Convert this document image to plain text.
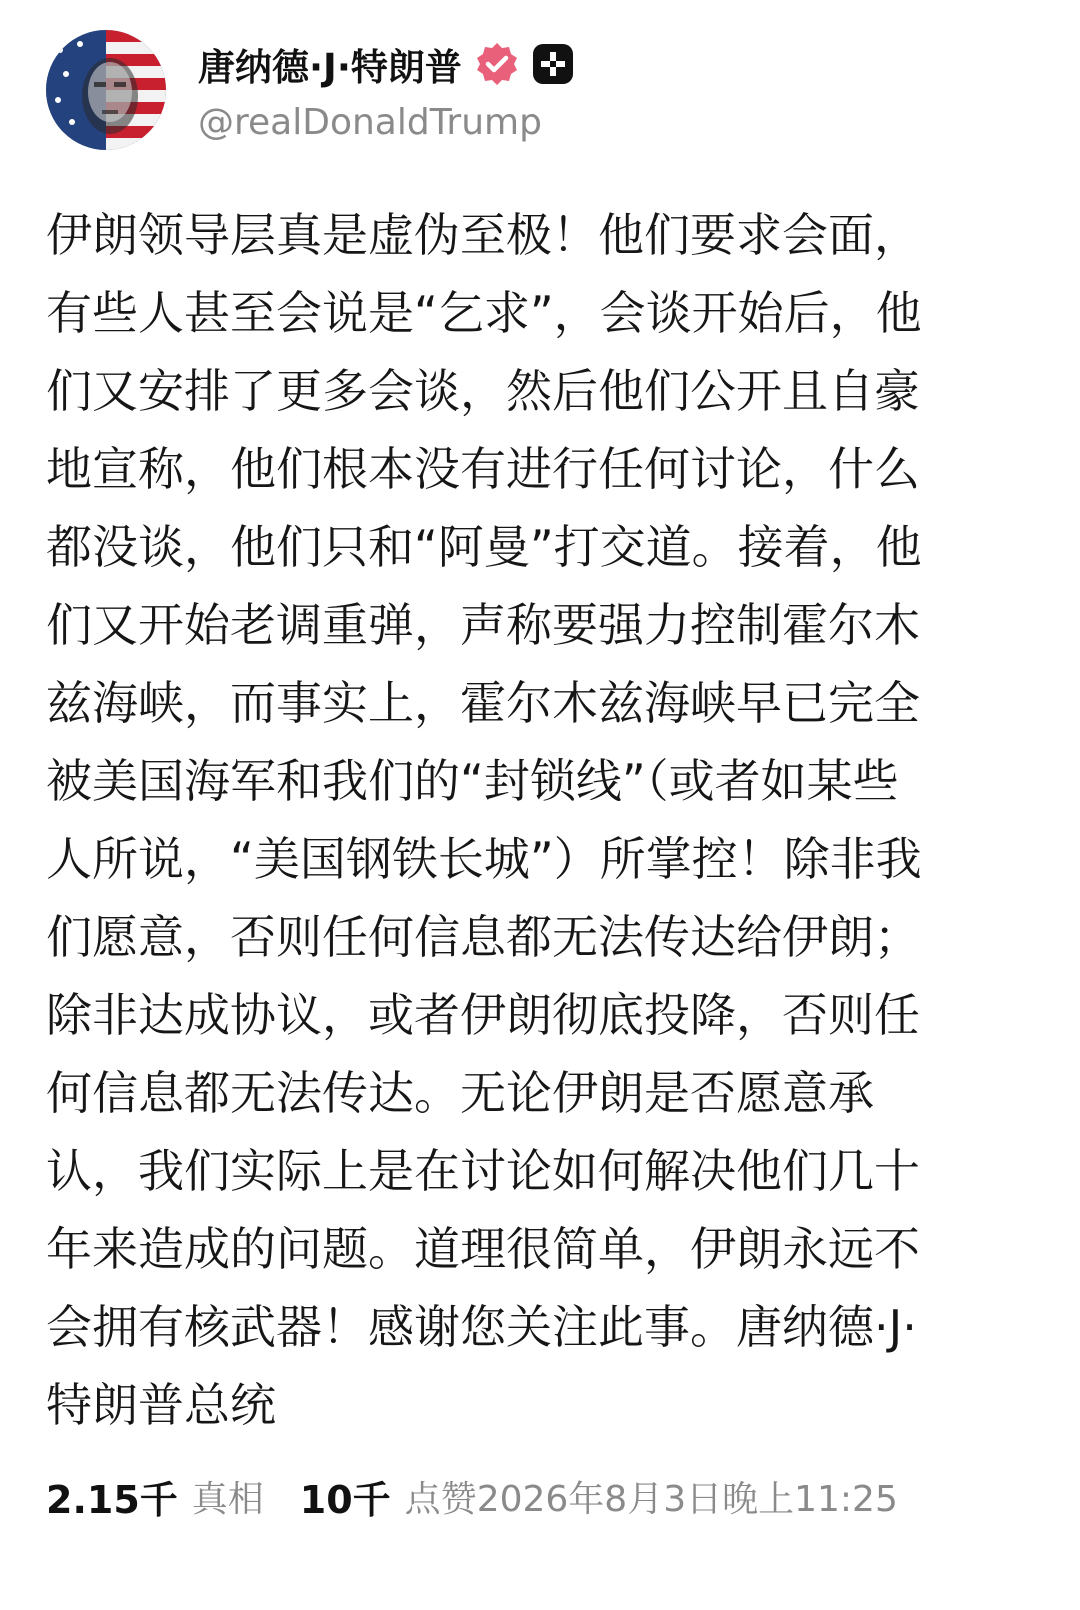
唐纳德·J·特朗普
@realDonaldTrump
伊朗领导层真是虚伪至极！他们要求会面，
有些人甚至会说是“乞求”，会谈开始后，他
们又安排了更多会谈，然后他们公开且自豪
地宣称，他们根本没有进行任何讨论，什么
都没谈，他们只和“阿曼”打交道。接着，他
们又开始老调重弹，声称要强力控制霍尔木
兹海峡，而事实上，霍尔木兹海峡早已完全
被美国海军和我们的“封锁线”（或者如某些
人所说，“美国钢铁长城”）所掌控！除非我
们愿意，否则任何信息都无法传达给伊朗；
除非达成协议，或者伊朗彻底投降，否则任
何信息都无法传达。无论伊朗是否愿意承
认，我们实际上是在讨论如何解决他们几十
年来造成的问题。道理很简单，伊朗永远不
会拥有核武器！感谢您关注此事。唐纳德·J·
特朗普总统
2.15千 真相 10千 点赞 2026年8月3日晚上11:25
